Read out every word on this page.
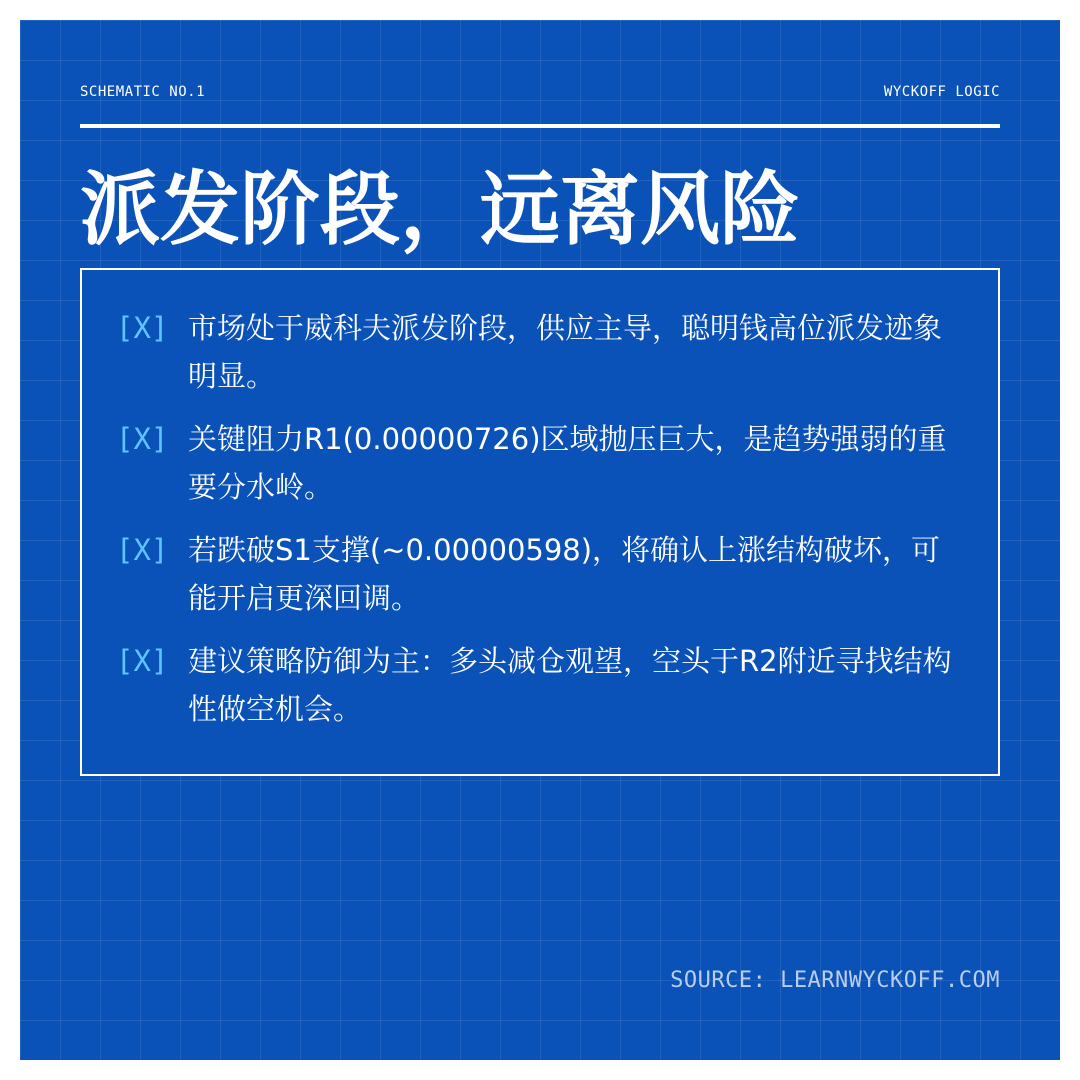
SCHEMATIC NO.1	WYCKOFF LOGIC
派发阶段，远离风险
[X] 市场处于威科夫派发阶段，供应主导，聪明钱高位派发迹象明显。
[X] 关键阻力R1(0.00000726)区域抛压巨大，是趋势强弱的重要分水岭。
[X] 若跌破S1支撑(~0.00000598)，将确认上涨结构破坏，可能开启更深回调。
[X] 建议策略防御为主：多头减仓观望，空头于R2附近寻找结构性做空机会。
SOURCE: LEARNWYCKOFF.COM
